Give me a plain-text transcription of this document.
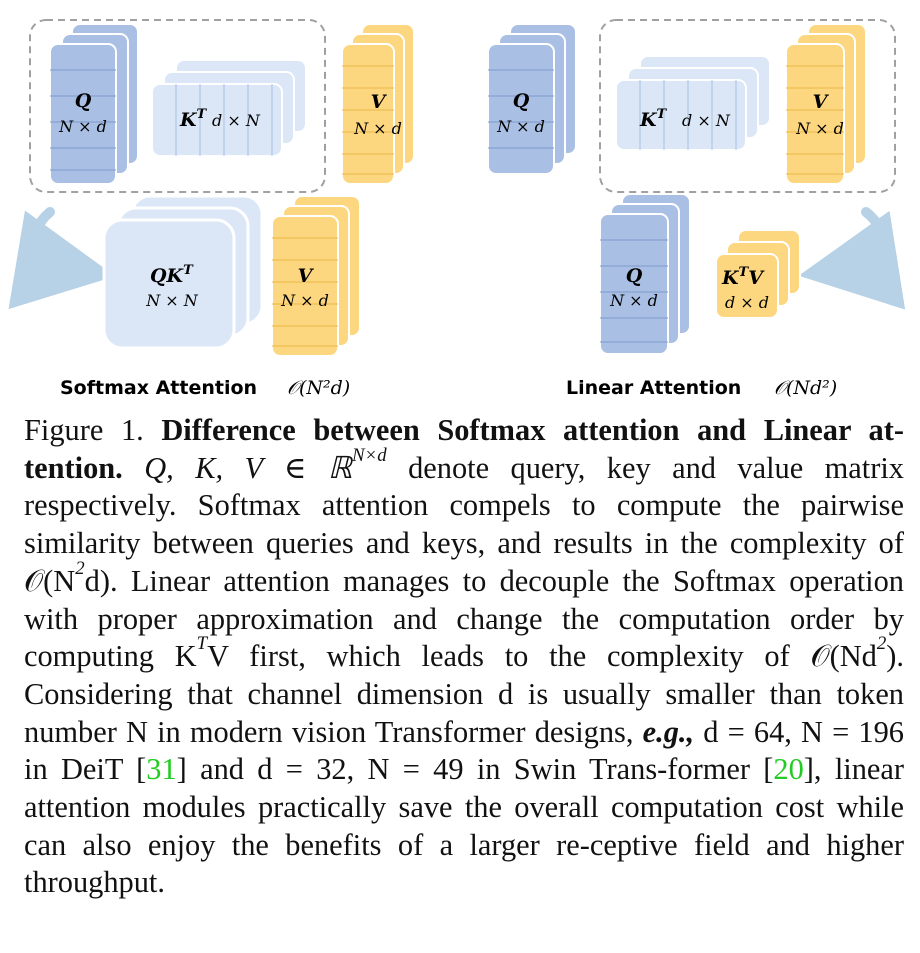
Q
N × d	$K^T$ d × N
V
N × d
$QK^T$
N × N
V
N × d
Softmax Attention 𝒪(N²d)
Q
N × d	$K^T$ d × N
V
N × d
Q
N × d
$K^TV$
d × d
Linear Attention 𝒪(Nd²)
Figure 1. Difference between Softmax attention and Linear at-tention. Q, K, V ∈ ℝ$^{N\times d}$ denote query, key and value matrix respectively. Softmax attention compels to compute the pairwise similarity between queries and keys, and results in the complexity of $𝒪(N^2d)$. Linear attention manages to decouple the Softmax operation with proper approximation and change the computation order by computing $K^TV$ first, which leads to the complexity of 𝒪(Nd$^2$). Considering that channel dimension d is usually smaller than token number N in modern vision Transformer designs, e.g., d = 64, N = 196 in DeiT [31] and d = 32, N = 49 in Swin Trans-former [20], linear attention modules practically save the overall computation cost while can also enjoy the benefits of a larger re-ceptive field and higher throughput.
